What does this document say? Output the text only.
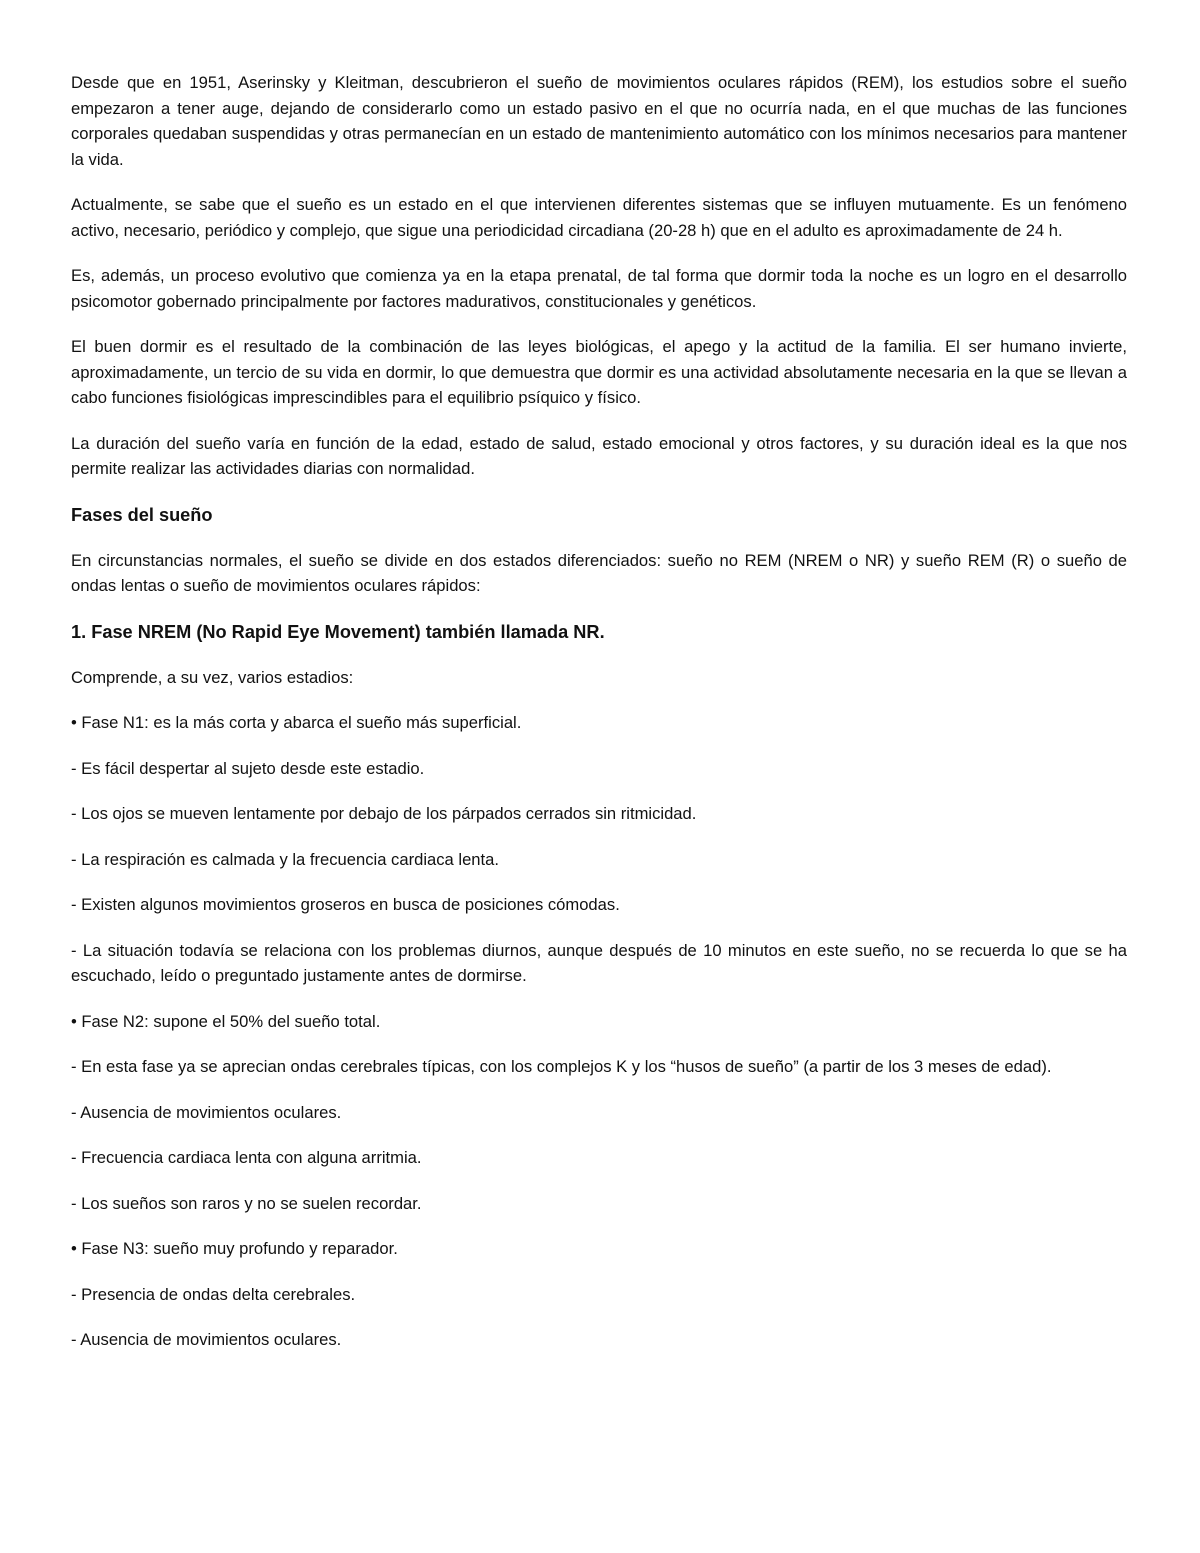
Desde que en 1951, Aserinsky y Kleitman, descubrieron el sueño de movimientos oculares rápidos (REM), los estudios sobre el sueño empezaron a tener auge, dejando de considerarlo como un estado pasivo en el que no ocurría nada, en el que muchas de las funciones corporales quedaban suspendidas y otras permanecían en un estado de mantenimiento automático con los mínimos necesarios para mantener la vida.

Actualmente, se sabe que el sueño es un estado en el que intervienen diferentes sistemas que se influyen mutuamente. Es un fenómeno activo, necesario, periódico y complejo, que sigue una periodicidad circadiana (20-28 h) que en el adulto es aproximadamente de 24 h.

Es, además, un proceso evolutivo que comienza ya en la etapa prenatal, de tal forma que dormir toda la noche es un logro en el desarrollo psicomotor gobernado principalmente por factores madurativos, constitucionales y genéticos.

El buen dormir es el resultado de la combinación de las leyes biológicas, el apego y la actitud de la familia. El ser humano invierte, aproximadamente, un tercio de su vida en dormir, lo que demuestra que dormir es una actividad absolutamente necesaria en la que se llevan a cabo funciones fisiológicas imprescindibles para el equilibrio psíquico y físico.

La duración del sueño varía en función de la edad, estado de salud, estado emocional y otros factores, y su duración ideal es la que nos permite realizar las actividades diarias con normalidad.

Fases del sueño

En circunstancias normales, el sueño se divide en dos estados diferenciados: sueño no REM (NREM o NR) y sueño REM (R) o sueño de ondas lentas o sueño de movimientos oculares rápidos:

1. Fase NREM (No Rapid Eye Movement) también llamada NR.

Comprende, a su vez, varios estadios:

• Fase N1: es la más corta y abarca el sueño más superficial.

- Es fácil despertar al sujeto desde este estadio.

- Los ojos se mueven lentamente por debajo de los párpados cerrados sin ritmicidad.

- La respiración es calmada y la frecuencia cardiaca lenta.

- Existen algunos movimientos groseros en busca de posiciones cómodas.

- La situación todavía se relaciona con los problemas diurnos, aunque después de 10 minutos en este sueño, no se recuerda lo que se ha escuchado, leído o preguntado justamente antes de dormirse.

• Fase N2: supone el 50% del sueño total.

- En esta fase ya se aprecian ondas cerebrales típicas, con los complejos K y los “husos de sueño” (a partir de los 3 meses de edad).

- Ausencia de movimientos oculares.

- Frecuencia cardiaca lenta con alguna arritmia.

- Los sueños son raros y no se suelen recordar.

• Fase N3: sueño muy profundo y reparador.

- Presencia de ondas delta cerebrales.

- Ausencia de movimientos oculares.
